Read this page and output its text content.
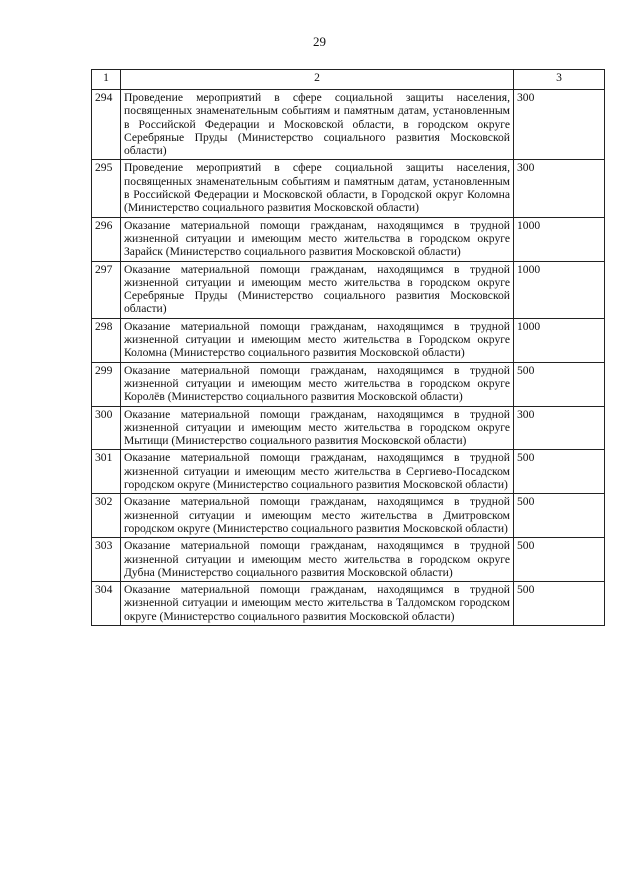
29
1	2	3
294	Проведение мероприятий в сфере социальной защиты населения, посвященных знаменательным событиям и памятным датам, установленным в Российской Федерации и Московской области, в городском округе Серебряные Пруды (Министерство социального развития Московской области)	300
295	Проведение мероприятий в сфере социальной защиты населения, посвященных знаменательным событиям и памятным датам, установленным в Российской Федерации и Московской области, в Городской округ Коломна (Министерство социального развития Московской области)	300
296	Оказание материальной помощи гражданам, находящимся в трудной жизненной ситуации и имеющим место жительства в городском округе Зарайск (Министерство социального развития Московской области)	1000
297	Оказание материальной помощи гражданам, находящимся в трудной жизненной ситуации и имеющим место жительства в городском округе Серебряные Пруды (Министерство социального развития Московской области)	1000
298	Оказание материальной помощи гражданам, находящимся в трудной жизненной ситуации и имеющим место жительства в Городском округе Коломна (Министерство социального развития Московской области)	1000
299	Оказание материальной помощи гражданам, находящимся в трудной жизненной ситуации и имеющим место жительства в городском округе Королёв (Министерство социального развития Московской области)	500
300	Оказание материальной помощи гражданам, находящимся в трудной жизненной ситуации и имеющим место жительства в городском округе Мытищи (Министерство социального развития Московской области)	300
301	Оказание материальной помощи гражданам, находящимся в трудной жизненной ситуации и имеющим место жительства в Сергиево-Посадском городском округе (Министерство социального развития Московской области)	500
302	Оказание материальной помощи гражданам, находящимся в трудной жизненной ситуации и имеющим место жительства в Дмитровском городском округе (Министерство социального развития Московской области)	500
303	Оказание материальной помощи гражданам, находящимся в трудной жизненной ситуации и имеющим место жительства в городском округе Дубна (Министерство социального развития Московской области)	500
304	Оказание материальной помощи гражданам, находящимся в трудной жизненной ситуации и имеющим место жительства в Талдомском городском округе (Министерство социального развития Московской области)	500
